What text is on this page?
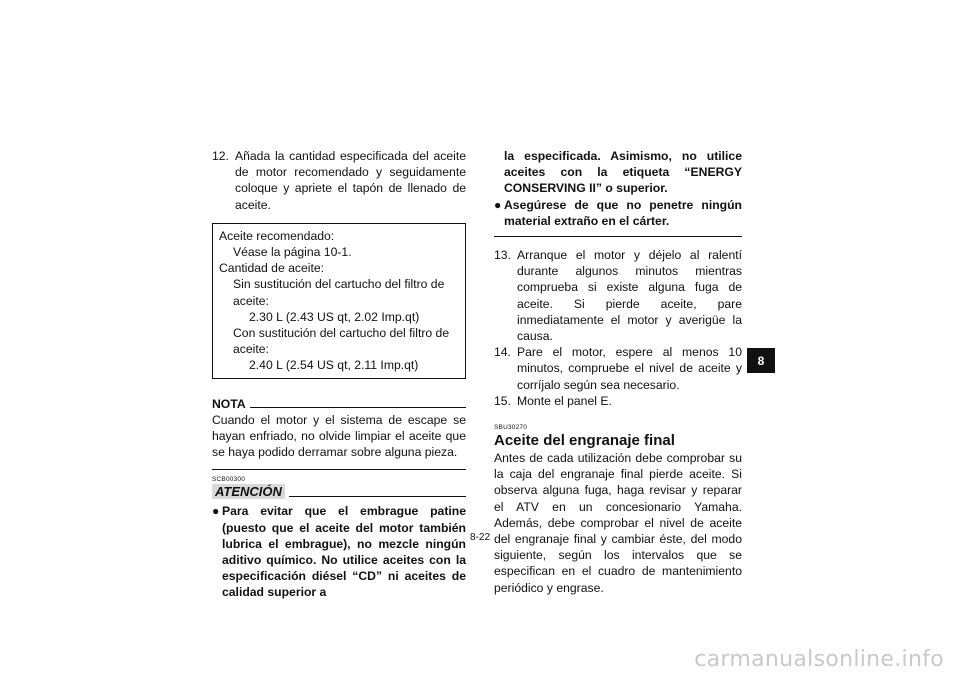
12. Añada la cantidad especificada del aceite de motor recomendado y seguidamente coloque y apriete el tapón de llenado de aceite.
Aceite recomendado:
Véase la página 10-1.
Cantidad de aceite:
Sin sustitución del cartucho del filtro de aceite:
2.30 L (2.43 US qt, 2.02 Imp.qt)
Con sustitución del cartucho del filtro de aceite:
2.40 L (2.54 US qt, 2.11 Imp.qt)
NOTA
Cuando el motor y el sistema de escape se hayan enfriado, no olvide limpiar el aceite que se haya podido derramar sobre alguna pieza.
SCB00300
ATENCIÓN
● Para evitar que el embrague patine (puesto que el aceite del motor también lubrica el embrague), no mezcle ningún aditivo químico. No utilice aceites con la especificación diésel “CD” ni aceites de calidad superior a
la especificada. Asimismo, no utilice aceites con la etiqueta “ENERGY CONSERVING II” o superior.
● Asegúrese de que no penetre ningún material extraño en el cárter.
13. Arranque el motor y déjelo al ralentí durante algunos minutos mientras comprueba si existe alguna fuga de aceite. Si pierde aceite, pare inmediatamente el motor y averigüe la causa.
14. Pare el motor, espere al menos 10 minutos, compruebe el nivel de aceite y corríjalo según sea necesario.
15. Monte el panel E.
SBU30270
Aceite del engranaje final
Antes de cada utilización debe comprobar su la caja del engranaje final pierde aceite. Si observa alguna fuga, haga revisar y reparar el ATV en un concesionario Yamaha. Además, debe comprobar el nivel de aceite del engranaje final y cambiar éste, del modo siguiente, según los intervalos que se especifican en el cuadro de mantenimiento periódico y engrase.
8
8-22
carmanualsonline.info
